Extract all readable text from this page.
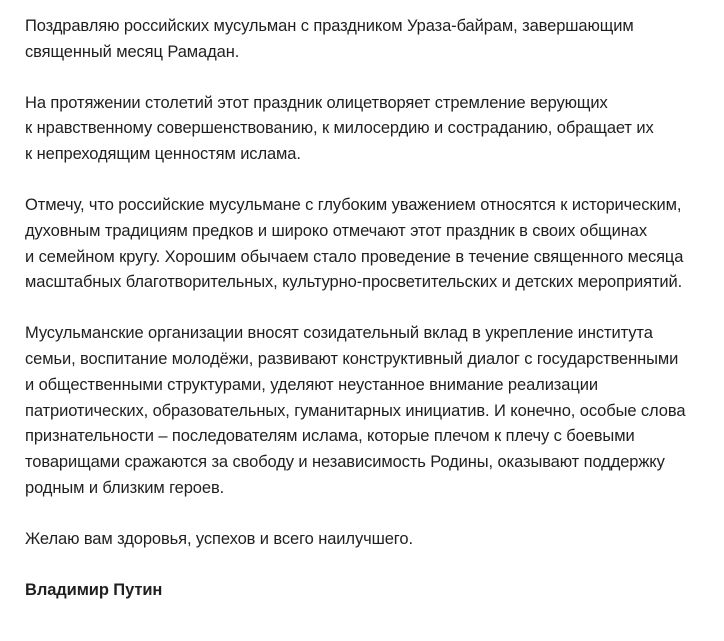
Поздравляю российских мусульман с праздником Ураза-байрам, завершающим
священный месяц Рамадан.

На протяжении столетий этот праздник олицетворяет стремление верующих
к нравственному совершенствованию, к милосердию и состраданию, обращает их
к непреходящим ценностям ислама.

Отмечу, что российские мусульмане с глубоким уважением относятся к историческим,
духовным традициям предков и широко отмечают этот праздник в своих общинах
и семейном кругу. Хорошим обычаем стало проведение в течение священного месяца
масштабных благотворительных, культурно-просветительских и детских мероприятий.

Мусульманские организации вносят созидательный вклад в укрепление института
семьи, воспитание молодёжи, развивают конструктивный диалог с государственными
и общественными структурами, уделяют неустанное внимание реализации
патриотических, образовательных, гуманитарных инициатив. И конечно, особые слова
признательности – последователям ислама, которые плечом к плечу с боевыми
товарищами сражаются за свободу и независимость Родины, оказывают поддержку
родным и близким героев.

Желаю вам здоровья, успехов и всего наилучшего.

Владимир Путин
